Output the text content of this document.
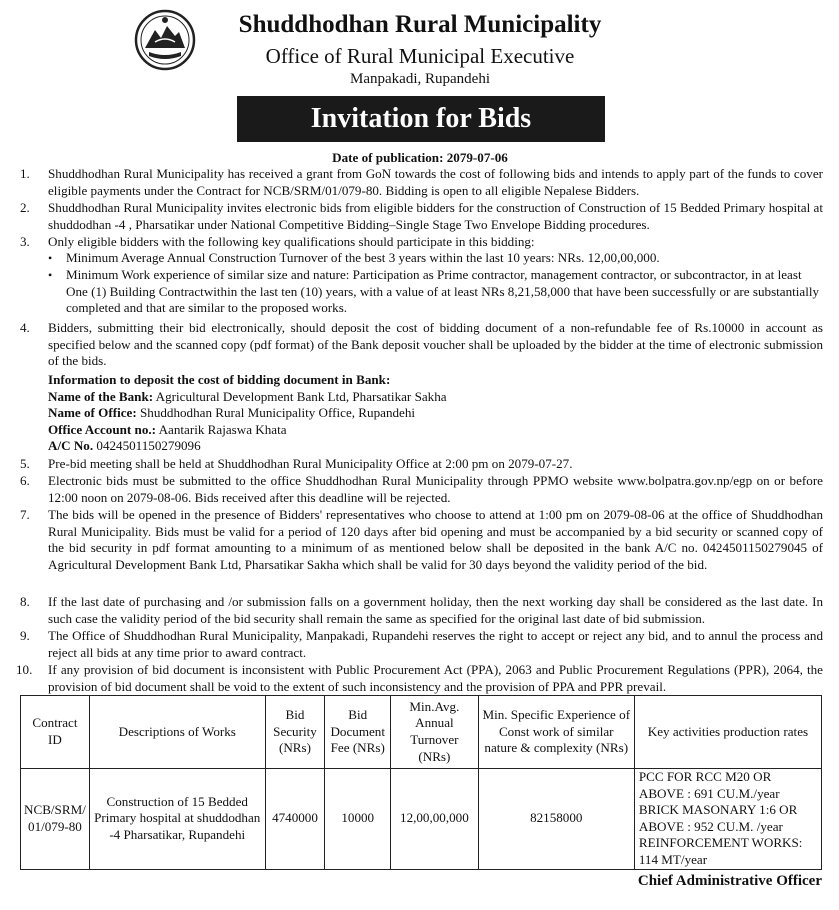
Shuddhodhan Rural Municipality
Office of Rural Municipal Executive
Manpakadi, Rupandehi
Invitation for Bids
Date of publication: 2079-07-06
1. Shuddhodhan Rural Municipality has received a grant from GoN towards the cost of following bids and intends to apply part of the funds to cover eligible payments under the Contract for NCB/SRM/01/079-80. Bidding is open to all eligible Nepalese Bidders.
2. Shuddhodhan Rural Municipality invites electronic bids from eligible bidders for the construction of Construction of 15 Bedded Primary hospital at shuddodhan -4 , Pharsatikar under National Competitive Bidding–Single Stage Two Envelope Bidding procedures.
3. Only eligible bidders with the following key qualifications should participate in this bidding:
• Minimum Average Annual Construction Turnover of the best 3 years within the last 10 years: NRs. 12,00,00,000.
• Minimum Work experience of similar size and nature: Participation as Prime contractor, management contractor, or subcontractor, in at least One (1) Building Contractwithin the last ten (10) years, with a value of at least NRs 8,21,58,000 that have been successfully or are substantially completed and that are similar to the proposed works.
4. Bidders, submitting their bid electronically, should deposit the cost of bidding document of a non-refundable fee of Rs.10000 in account as specified below and the scanned copy (pdf format) of the Bank deposit voucher shall be uploaded by the bidder at the time of electronic submission of the bids.
Information to deposit the cost of bidding document in Bank:
Name of the Bank: Agricultural Development Bank Ltd, Pharsatikar Sakha
Name of Office: Shuddhodhan Rural Municipality Office, Rupandehi
Office Account no.: Aantarik Rajaswa Khata
A/C No. 0424501150279096
5. Pre-bid meeting shall be held at Shuddhodhan Rural Municipality Office at 2:00 pm on 2079-07-27.
6. Electronic bids must be submitted to the office Shuddhodhan Rural Municipality through PPMO website www.bolpatra.gov.np/egp on or before 12:00 noon on 2079-08-06. Bids received after this deadline will be rejected.
7. The bids will be opened in the presence of Bidders' representatives who choose to attend at 1:00 pm on 2079-08-06 at the office of Shuddhodhan Rural Municipality. Bids must be valid for a period of 120 days after bid opening and must be accompanied by a bid security or scanned copy of the bid security in pdf format amounting to a minimum of as mentioned below shall be deposited in the bank A/C no. 0424501150279045 of Agricultural Development Bank Ltd, Pharsatikar Sakha which shall be valid for 30 days beyond the validity period of the bid.
8. If the last date of purchasing and /or submission falls on a government holiday, then the next working day shall be considered as the last date. In such case the validity period of the bid security shall remain the same as specified for the original last date of bid submission.
9. The Office of Shuddhodhan Rural Municipality, Manpakadi, Rupandehi reserves the right to accept or reject any bid, and to annul the process and reject all bids at any time prior to award contract.
10. If any provision of bid document is inconsistent with Public Procurement Act (PPA), 2063 and Public Procurement Regulations (PPR), 2064, the provision of bid document shall be void to the extent of such inconsistency and the provision of PPA and PPR prevail.
Contract ID	Descriptions of Works	Bid Security (NRs)	Bid Document Fee (NRs)	Min.Avg. Annual Turnover (NRs)	Min. Specific Experience of Const work of similar nature & complexity (NRs)	Key activities production rates
NCB/SRM/ 01/079-80	Construction of 15 Bedded Primary hospital at shuddodhan -4 Pharsatikar, Rupandehi	4740000	10000	12,00,00,000	82158000	PCC FOR RCC M20 OR ABOVE : 691 CU.M./year BRICK MASONARY 1:6 OR ABOVE : 952 CU.M. /year REINFORCEMENT WORKS: 114 MT/year
Chief Administrative Officer
